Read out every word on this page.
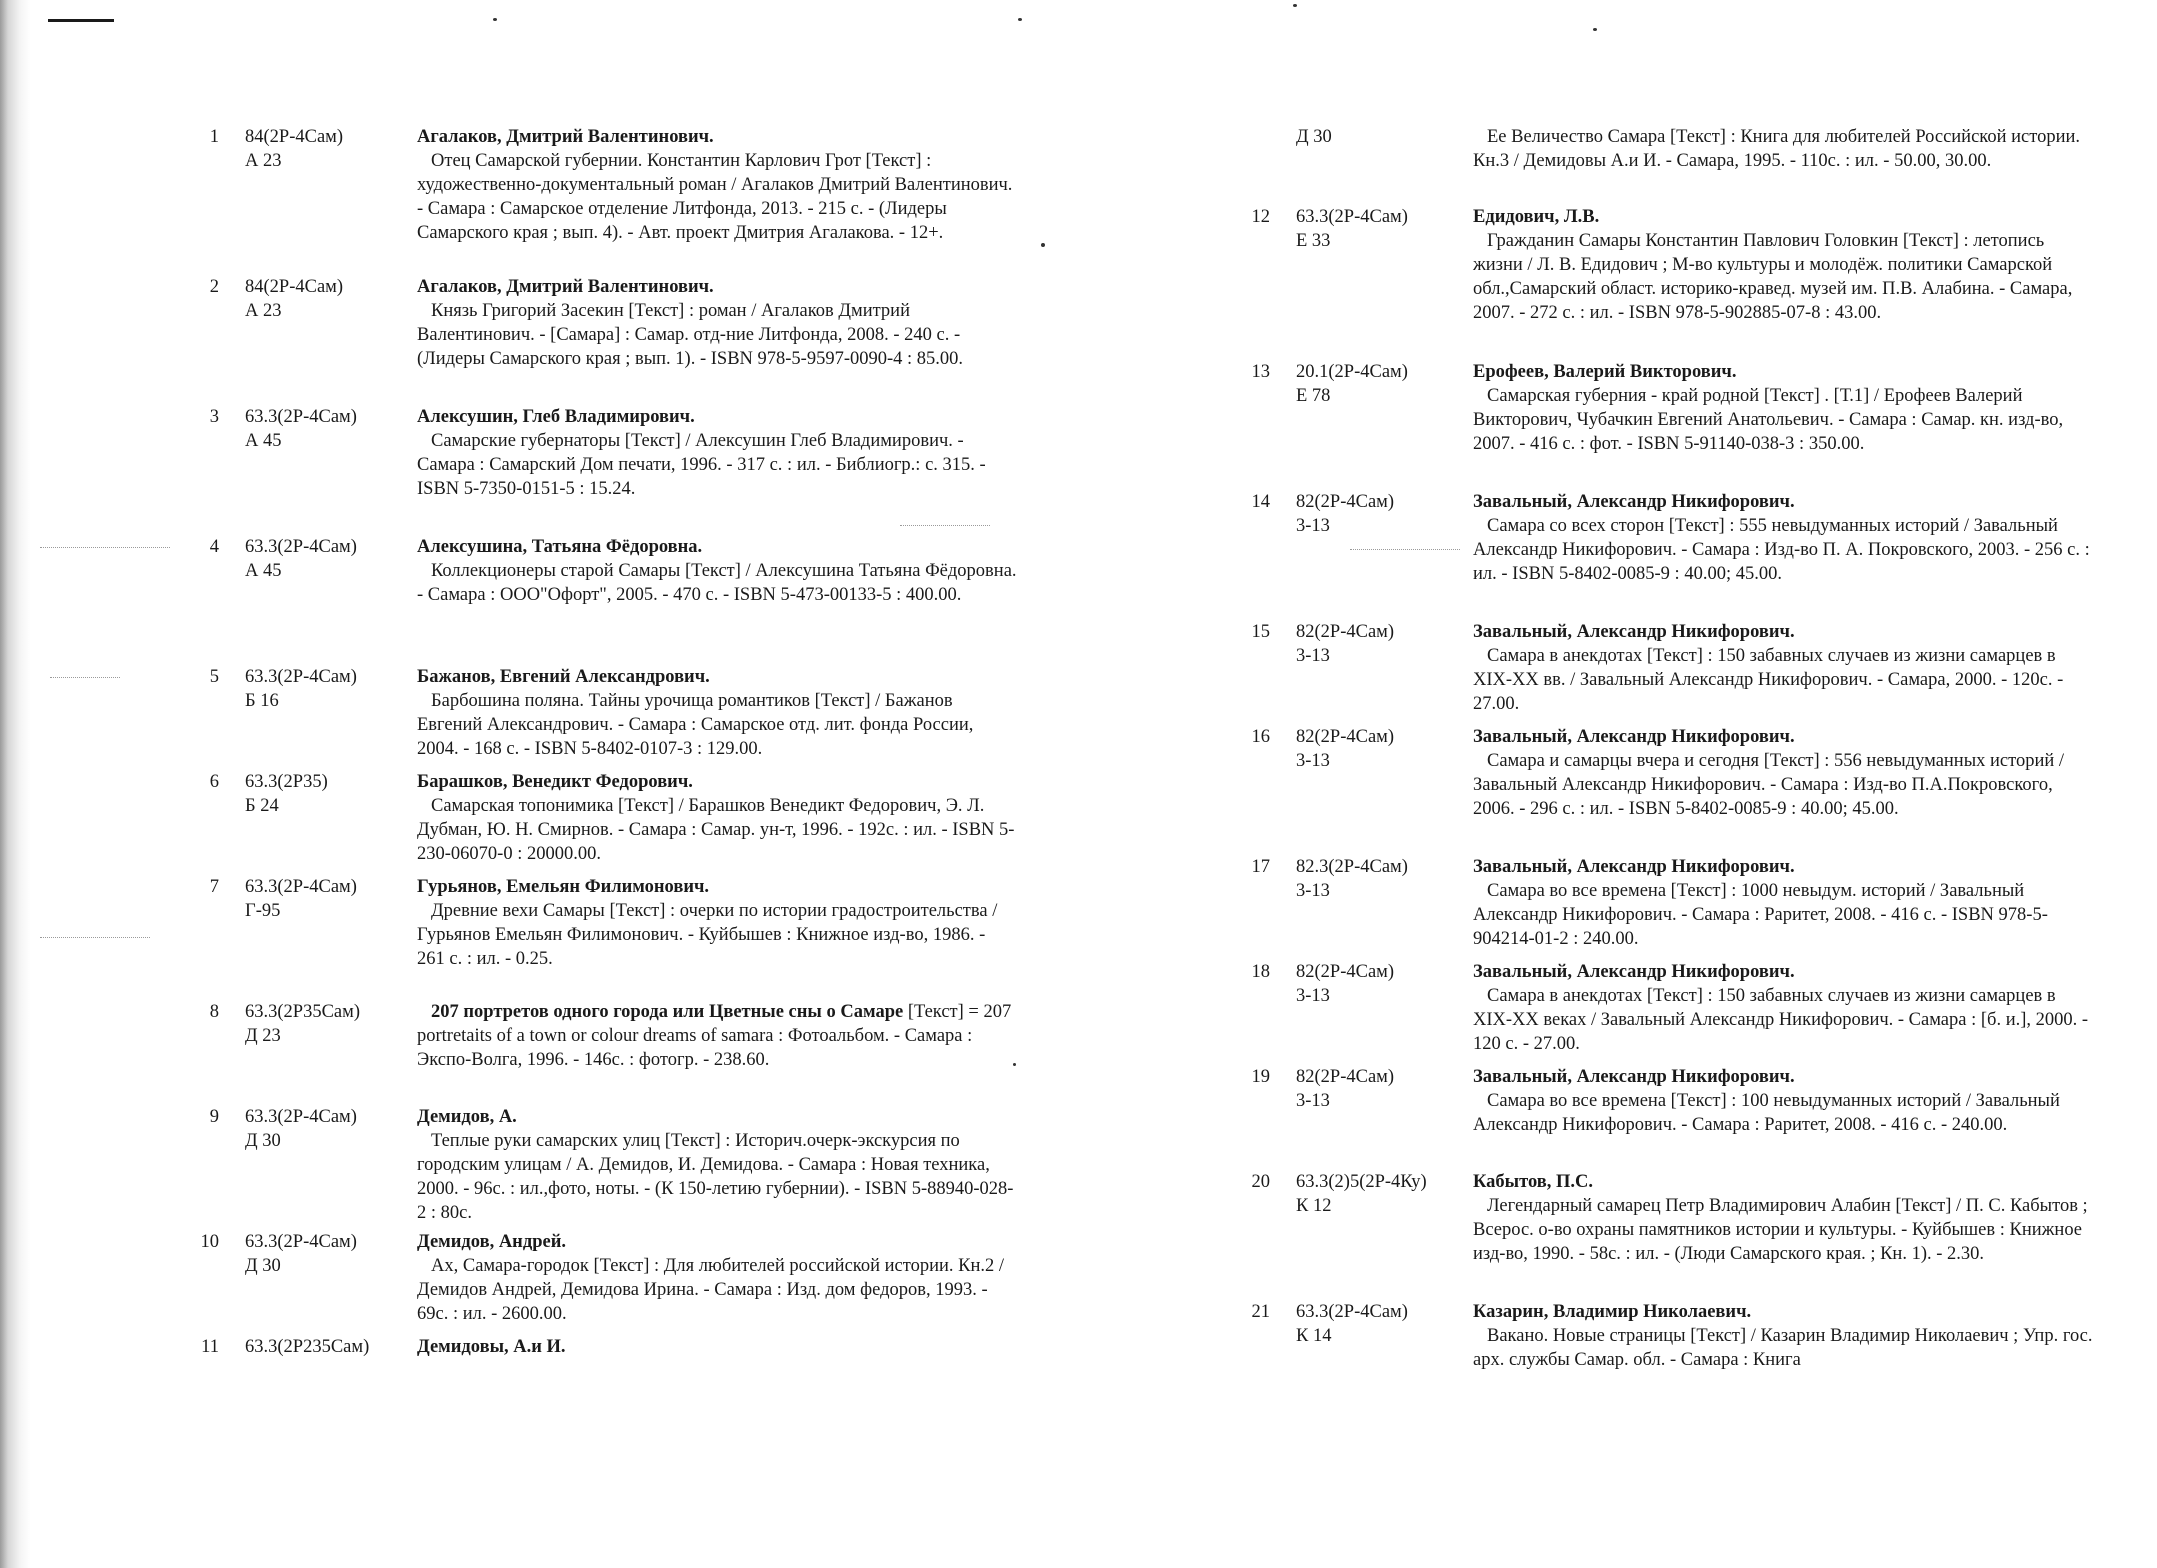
1 84(2Р-4Сам)
А 23
Агалаков, Дмитрий Валентинович.
Отец Самарской губернии. Константин Карлович Грот [Текст] : художественно-документальный роман / Агалаков Дмитрий Валентинович. - Самара : Самарское отделение Литфонда, 2013. - 215 с. - (Лидеры Самарского края ; вып. 4). - Авт. проект Дмитрия Агалакова. - 12+.
2 84(2Р-4Сам)
А 23
Агалаков, Дмитрий Валентинович.
Князь Григорий Засекин [Текст] : роман / Агалаков Дмитрий Валентинович. - [Самара] : Самар. отд-ние Литфонда, 2008. - 240 с. - (Лидеры Самарского края ; вып. 1). - ISBN 978-5-9597-0090-4 : 85.00.
3 63.3(2Р-4Сам)
А 45
Алексушин, Глеб Владимирович.
Самарские губернаторы [Текст] / Алексушин Глеб Владимирович. - Самара : Самарский Дом печати, 1996. - 317 с. : ил. - Библиогр.: с. 315. - ISBN 5-7350-0151-5 : 15.24.
4 63.3(2Р-4Сам)
А 45
Алексушина, Татьяна Фёдоровна.
Коллекционеры старой Самары [Текст] / Алексушина Татьяна Фёдоровна. - Самара : ООО"Офорт", 2005. - 470 с. - ISBN 5-473-00133-5 : 400.00.
5 63.3(2Р-4Сам)
Б 16
Бажанов, Евгений Александрович.
Барбошина поляна. Тайны урочища романтиков [Текст] / Бажанов Евгений Александрович. - Самара : Самарское отд. лит. фонда России, 2004. - 168 с. - ISBN 5-8402-0107-3 : 129.00.
6 63.3(2Р35)
Б 24
Барашков, Венедикт Федорович.
Самарская топонимика [Текст] / Барашков Венедикт Федорович, Э. Л. Дубман, Ю. Н. Смирнов. - Самара : Самар. ун-т, 1996. - 192с. : ил. - ISBN 5-230-06070-0 : 20000.00.
7 63.3(2Р-4Сам)
Г-95
Гурьянов, Емельян Филимонович.
Древние вехи Самары [Текст] : очерки по истории градостроительства / Гурьянов Емельян Филимонович. - Куйбышев : Книжное изд-во, 1986. - 261 с. : ил. - 0.25.
8 63.3(2Р35Сам)
Д 23
207 портретов одного города или Цветные сны о Самаре [Текст] = 207 portretaits of a town or colour dreams of samara : Фотоальбом. - Самара : Экспо-Волга, 1996. - 146с. : фотогр. - 238.60.
9 63.3(2Р-4Сам)
Д 30
Демидов, А.
Теплые руки самарских улиц [Текст] : Историч.очерк-экскурсия по городским улицам / А. Демидов, И. Демидова. - Самара : Новая техника, 2000. - 96с. : ил.,фото, ноты. - (К 150-летию губернии). - ISBN 5-88940-028-2 : 80с.
10 63.3(2Р-4Сам)
Д 30
Демидов, Андрей.
Ах, Самара-городок [Текст] : Для любителей российской истории. Кн.2 / Демидов Андрей, Демидова Ирина. - Самара : Изд. дом федоров, 1993. - 69с. : ил. - 2600.00.
11 63.3(2Р235Сам)	Демидовы, А.и И.
Д 30	Ее Величество Самара [Текст] : Книга для любителей Российской истории. Кн.3 / Демидовы А.и И. - Самара, 1995. - 110с. : ил. - 50.00, 30.00.
12 63.3(2Р-4Сам)
Е 33
Едидович, Л.В.
Гражданин Самары Константин Павлович Головкин [Текст] : летопись жизни / Л. В. Едидович ; М-во культуры и молодёж. политики Самарской обл.,Самарский област. историко-кравед. музей им. П.В. Алабина. - Самара, 2007. - 272 с. : ил. - ISBN 978-5-902885-07-8 : 43.00.
13 20.1(2Р-4Сам)
Е 78
Ерофеев, Валерий Викторович.
Самарская губерния - край родной [Текст] . [Т.1] / Ерофеев Валерий Викторович, Чубачкин Евгений Анатольевич. - Самара : Самар. кн. изд-во, 2007. - 416 с. : фот. - ISBN 5-91140-038-3 : 350.00.
14 82(2Р-4Сам)
3-13
Завальный, Александр Никифорович.
Самара со всех сторон [Текст] : 555 невыдуманных историй / Завальный Александр Никифорович. - Самара : Изд-во П. А. Покровского, 2003. - 256 с. : ил. - ISBN 5-8402-0085-9 : 40.00; 45.00.
15 82(2Р-4Сам)
3-13
Завальный, Александр Никифорович.
Самара в анекдотах [Текст] : 150 забавных случаев из жизни самарцев в XIX-XX вв. / Завальный Александр Никифорович. - Самара, 2000. - 120с. - 27.00.
16 82(2Р-4Сам)
3-13
Завальный, Александр Никифорович.
Самара и самарцы вчера и сегодня [Текст] : 556 невыдуманных историй / Завальный Александр Никифорович. - Самара : Изд-во П.А.Покровского, 2006. - 296 с. : ил. - ISBN 5-8402-0085-9 : 40.00; 45.00.
17 82.3(2Р-4Сам)
3-13
Завальный, Александр Никифорович.
Самара во все времена [Текст] : 1000 невыдум. историй / Завальный Александр Никифорович. - Самара : Раритет, 2008. - 416 с. - ISBN 978-5-904214-01-2 : 240.00.
18 82(2Р-4Сам)
3-13
Завальный, Александр Никифорович.
Самара в анекдотах [Текст] : 150 забавных случаев из жизни самарцев в XIX-XX веках / Завальный Александр Никифорович. - Самара : [б. и.], 2000. - 120 с. - 27.00.
19 82(2Р-4Сам)
3-13
Завальный, Александр Никифорович.
Самара во все времена [Текст] : 100 невыдуманных историй / Завальный Александр Никифорович. - Самара : Раритет, 2008. - 416 с. - 240.00.
20 63.3(2)5(2Р-4Ку)
К 12
Кабытов, П.С.
Легендарный самарец Петр Владимирович Алабин [Текст] / П. С. Кабытов ; Всерос. о-во охраны памятников истории и культуры. - Куйбышев : Книжное изд-во, 1990. - 58с. : ил. - (Люди Самарского края. ; Кн. 1). - 2.30.
21 63.3(2Р-4Сам)
К 14
Казарин, Владимир Николаевич.
Вакано. Новые страницы [Текст] / Казарин Владимир Николаевич ; Упр. гос. арх. службы Самар. обл. - Самара : Книга
